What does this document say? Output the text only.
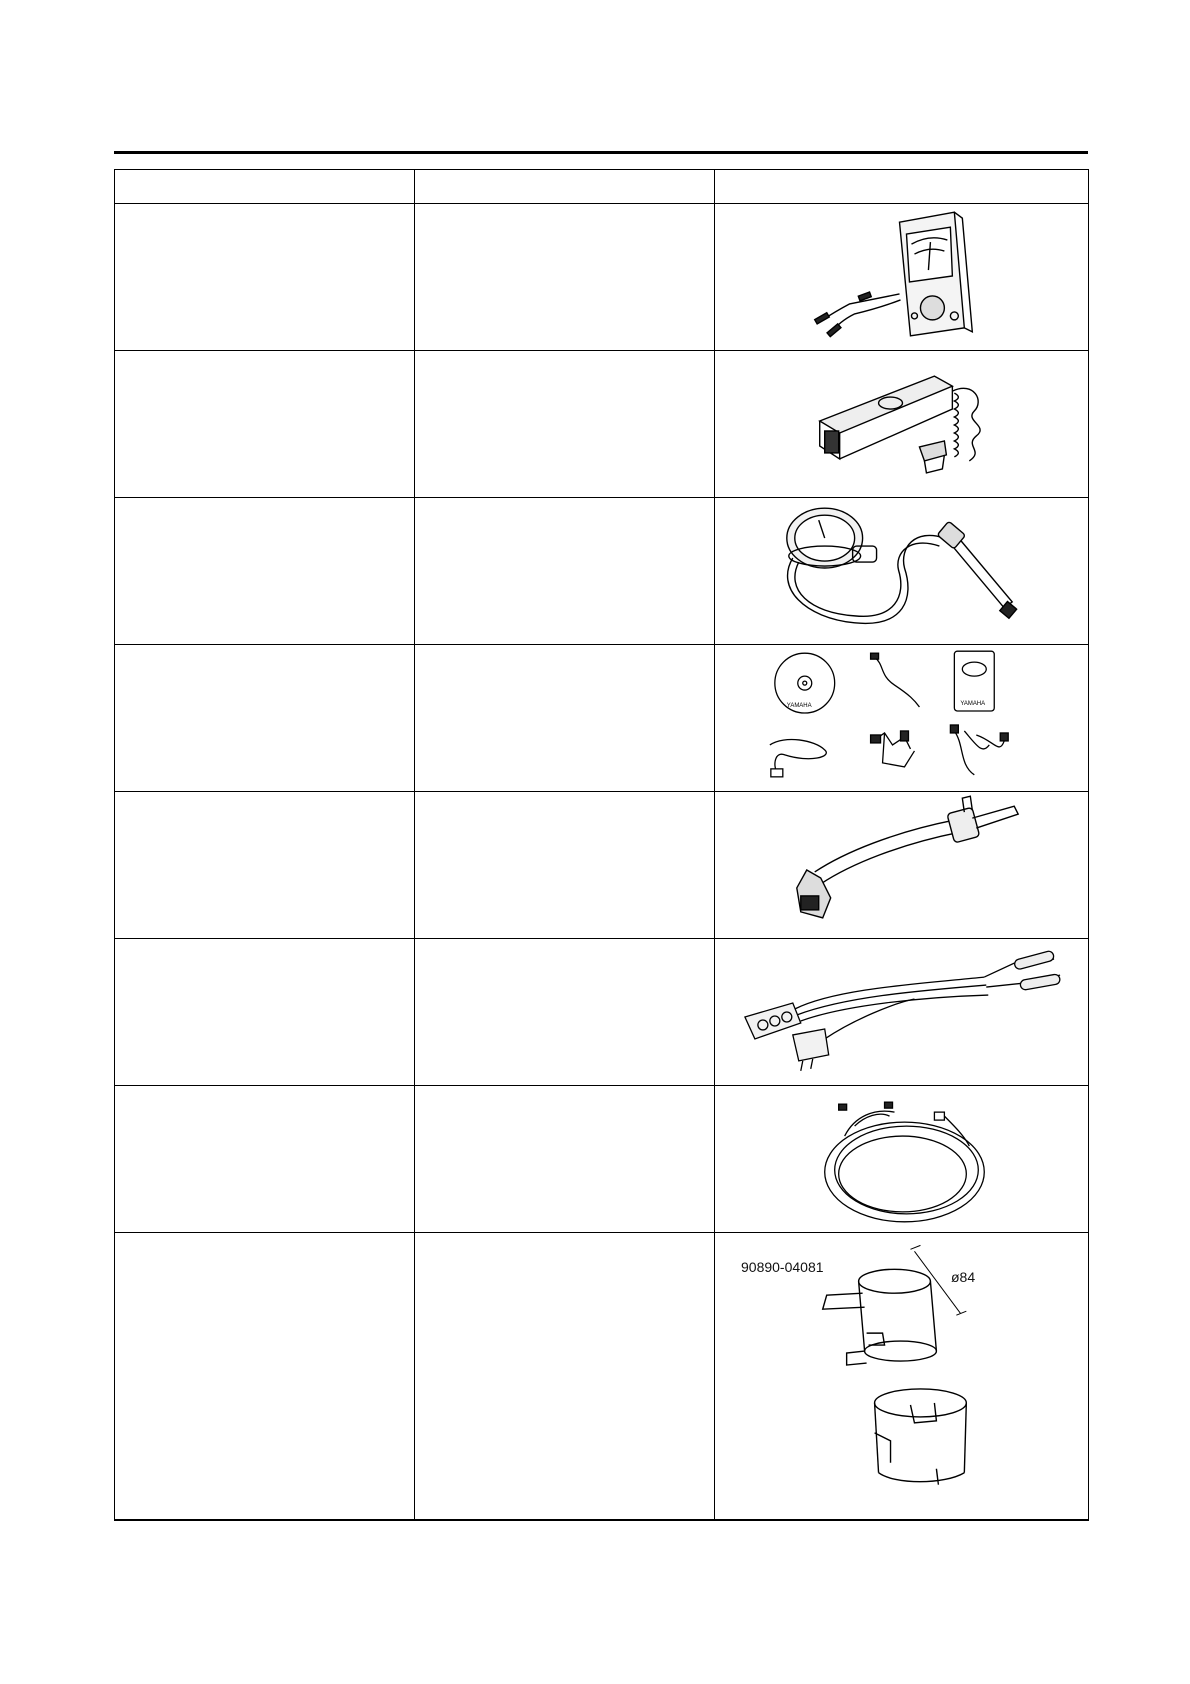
YAMAHA YAMAHA

		90890-04081
ø84
